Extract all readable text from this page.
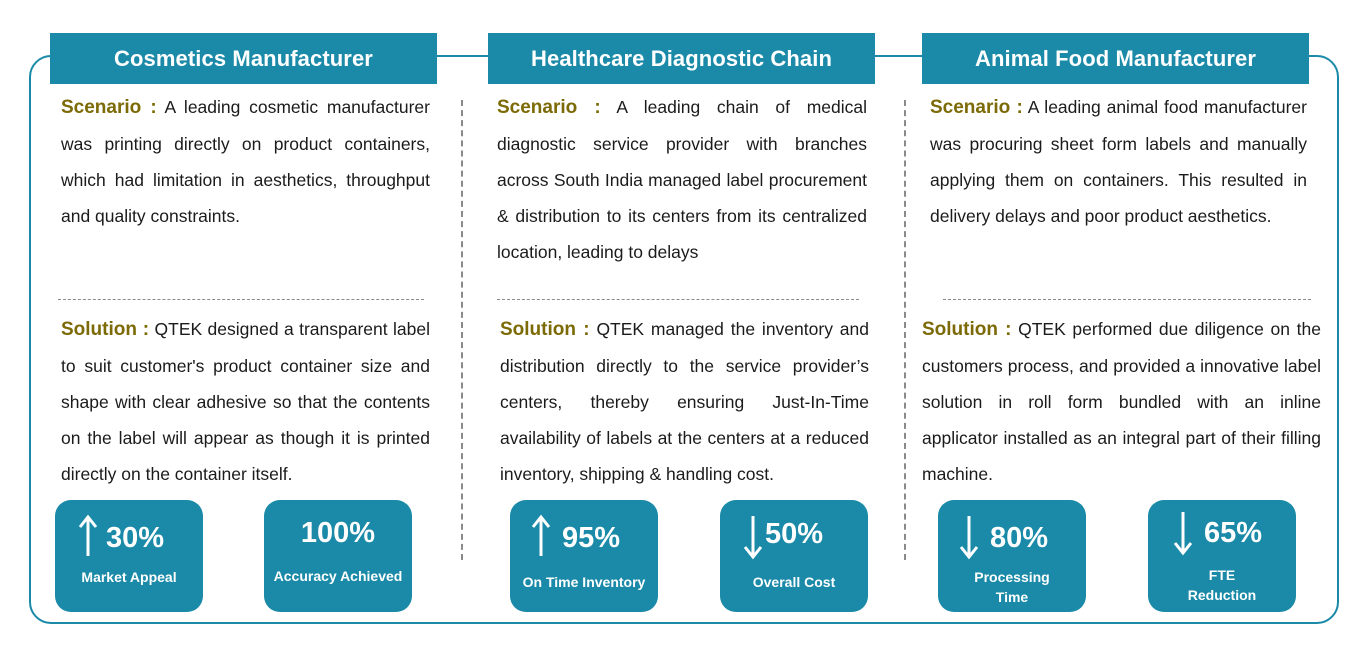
Cosmetics Manufacturer	Healthcare Diagnostic Chain	Animal Food Manufacturer
Scenario : A leading cosmetic manufacturer was printing directly on product containers, which had limitation in aesthetics, throughput and quality constraints.
Solution : QTEK designed a transparent label to suit customer's product container size and shape with clear adhesive so that the contents on the label will appear as though it is printed directly on the container itself.
Scenario : A leading chain of medical diagnostic service provider with branches across South India managed label procurement & distribution to its centers from its centralized location, leading to delays
Solution : QTEK managed the inventory and distribution directly to the service provider’s centers, thereby ensuring Just-In-Time availability of labels at the centers at a reduced inventory, shipping & handling cost.
Scenario : A leading animal food manufacturer was procuring sheet form labels and manually applying them on containers. This resulted in delivery delays and poor product aesthetics.
Solution : QTEK performed due diligence on the customers process, and provided a innovative label solution in roll form bundled with an inline applicator installed as an integral part of their filling machine.
30%
Market Appeal
100%
Accuracy Achieved
95%
On Time Inventory
50%
Overall Cost
80%
Processing
Time
65%
FTE
Reduction
